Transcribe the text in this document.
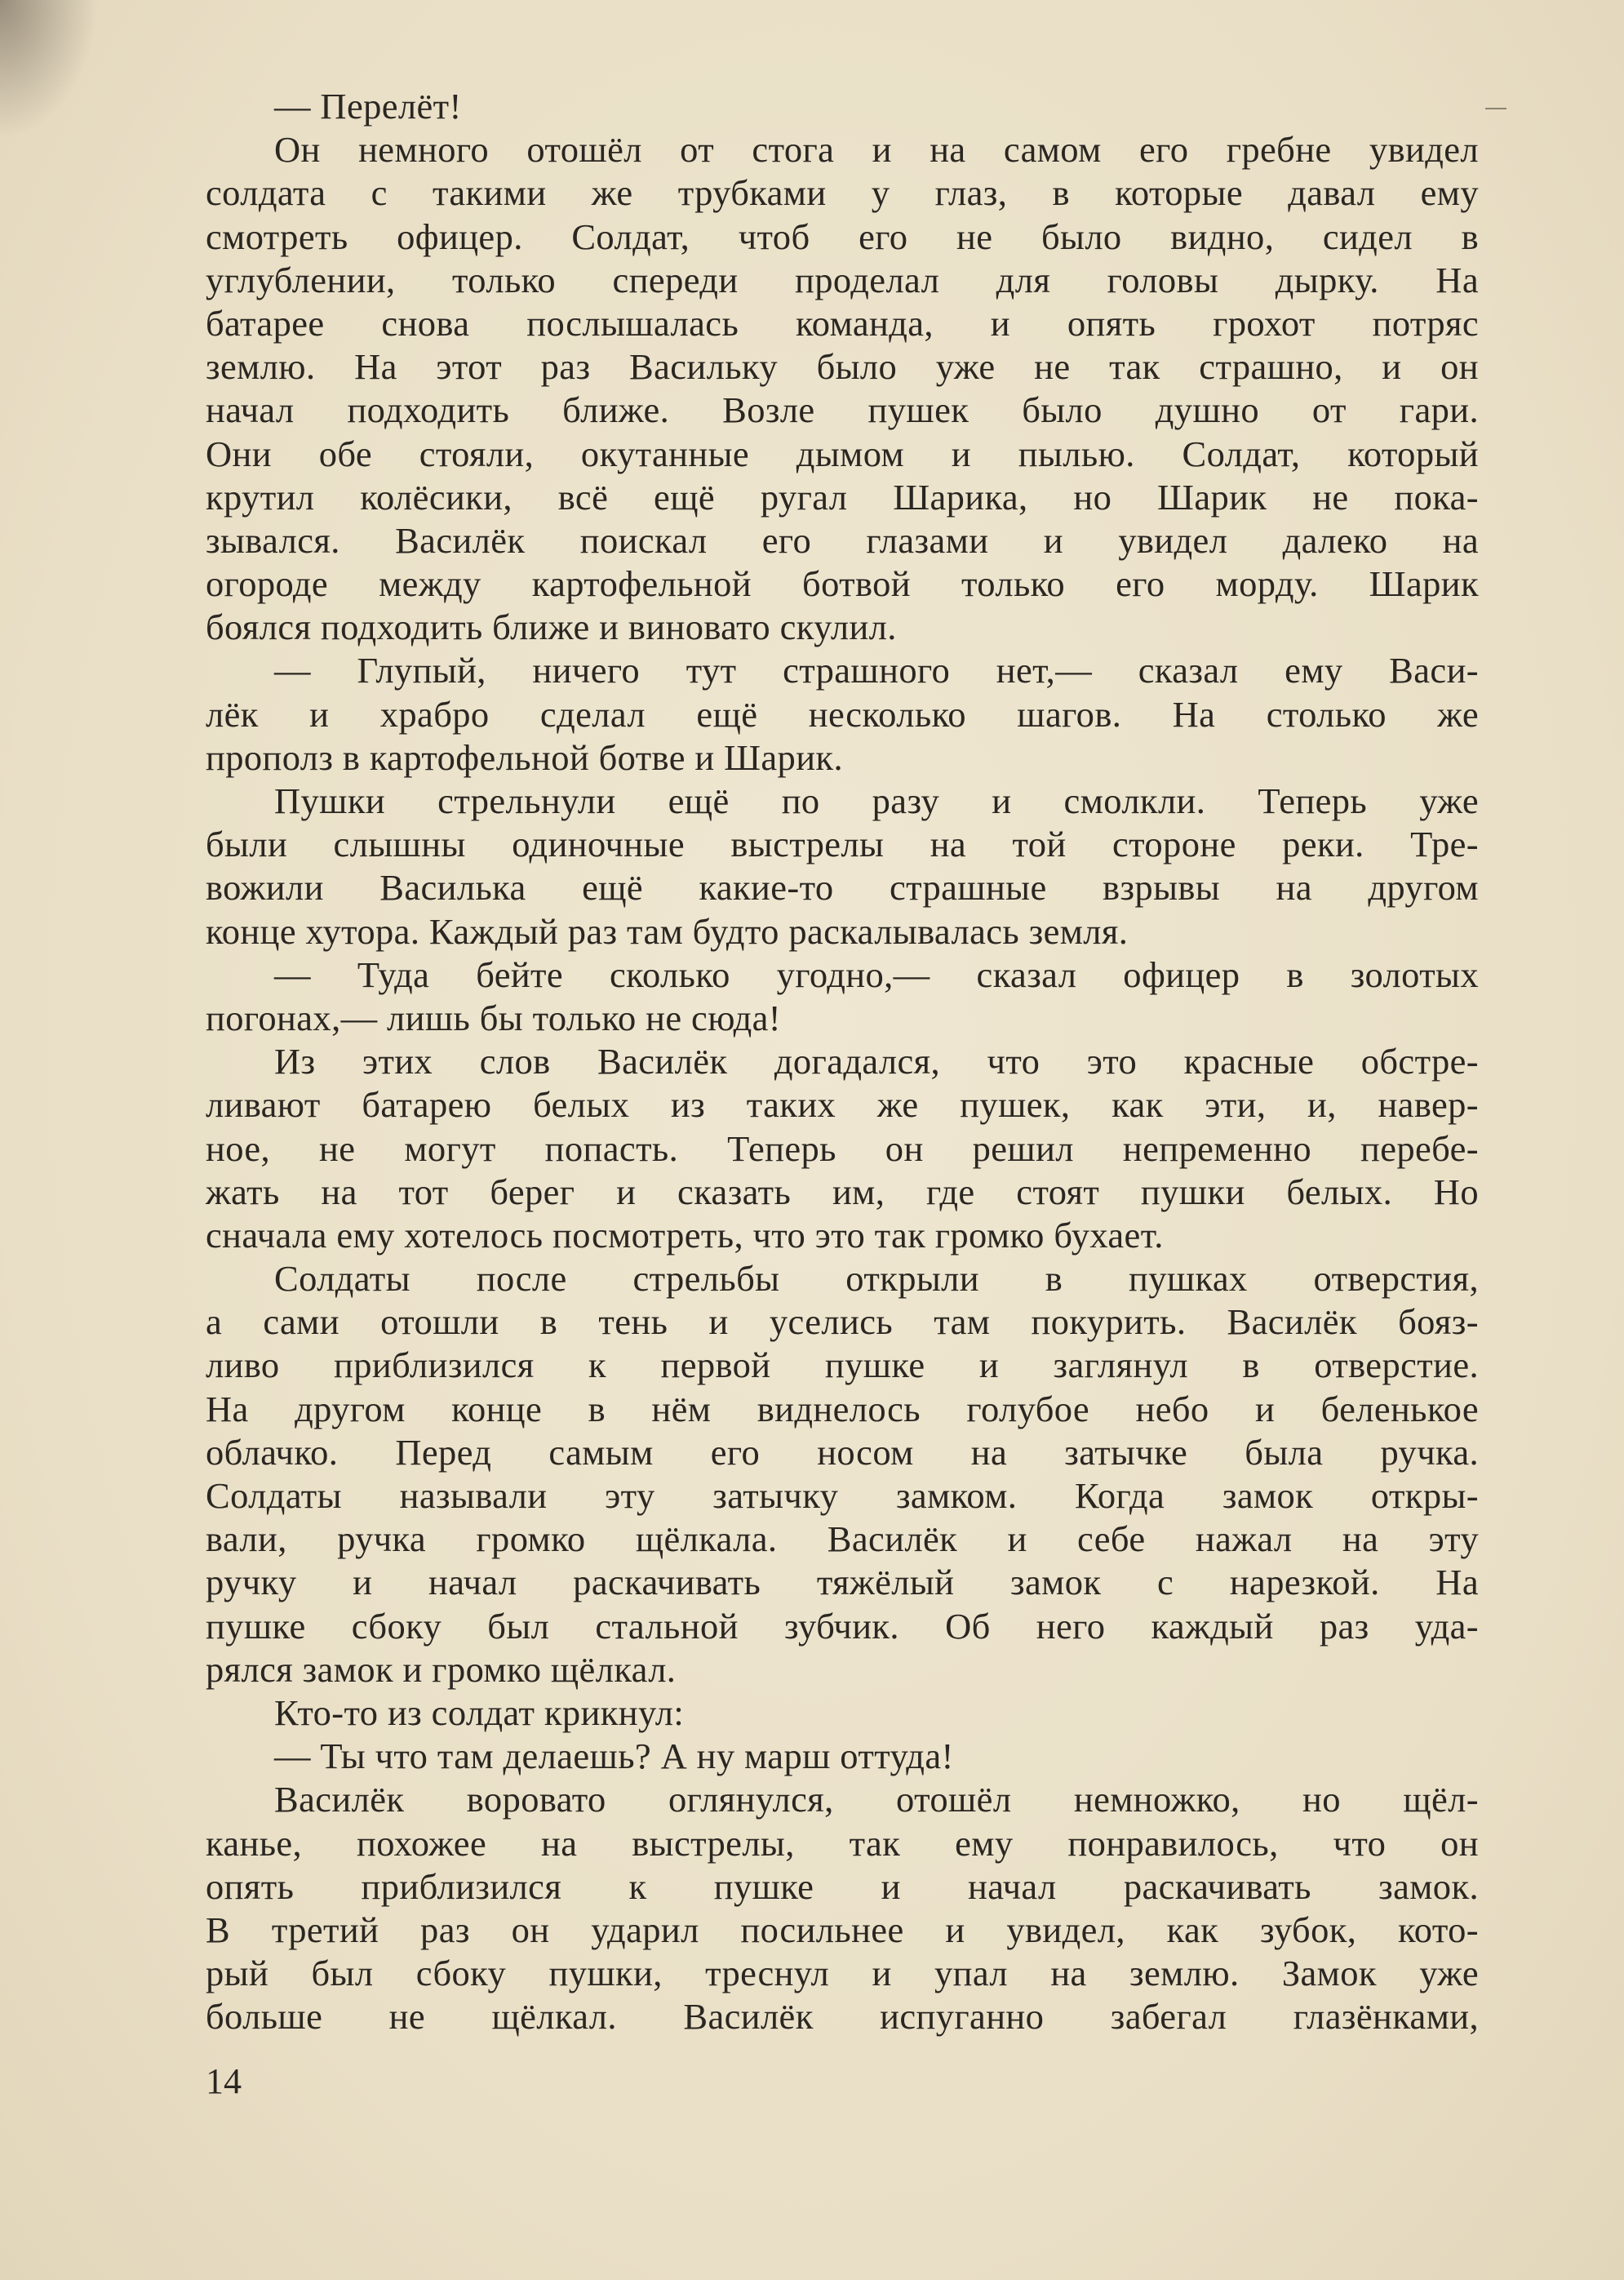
— Перелёт!
Он немного отошёл от стога и на самом его гребне увидел
солдата с такими же трубками у глаз, в которые давал ему
смотреть офицер. Солдат, чтоб его не было видно, сидел в
углублении, только спереди проделал для головы дырку. На
батарее снова послышалась команда, и опять грохот потряс
землю. На этот раз Васильку было уже не так страшно, и он
начал подходить ближе. Возле пушек было душно от гари.
Они обе стояли, окутанные дымом и пылью. Солдат, который
крутил колёсики, всё ещё ругал Шарика, но Шарик не пока-
зывался. Василёк поискал его глазами и увидел далеко на
огороде между картофельной ботвой только его морду. Шарик
боялся подходить ближе и виновато скулил.
— Глупый, ничего тут страшного нет,— сказал ему Васи-
лёк и храбро сделал ещё несколько шагов. На столько же
прополз в картофельной ботве и Шарик.
Пушки стрельнули ещё по разу и смолкли. Теперь уже
были слышны одиночные выстрелы на той стороне реки. Тре-
вожили Василька ещё какие-то страшные взрывы на другом
конце хутора. Каждый раз там будто раскалывалась земля.
— Туда бейте сколько угодно,— сказал офицер в золотых
погонах,— лишь бы только не сюда!
Из этих слов Василёк догадался, что это красные обстре-
ливают батарею белых из таких же пушек, как эти, и, навер-
ное, не могут попасть. Теперь он решил непременно перебе-
жать на тот берег и сказать им, где стоят пушки белых. Но
сначала ему хотелось посмотреть, что это так громко бухает.
Солдаты после стрельбы открыли в пушках отверстия,
а сами отошли в тень и уселись там покурить. Василёк бояз-
ливо приблизился к первой пушке и заглянул в отверстие.
На другом конце в нём виднелось голубое небо и беленькое
облачко. Перед самым его носом на затычке была ручка.
Солдаты называли эту затычку замком. Когда замок откры-
вали, ручка громко щёлкала. Василёк и себе нажал на эту
ручку и начал раскачивать тяжёлый замок с нарезкой. На
пушке сбоку был стальной зубчик. Об него каждый раз уда-
рялся замок и громко щёлкал.
Кто-то из солдат крикнул:
— Ты что там делаешь? А ну марш оттуда!
Василёк воровато оглянулся, отошёл немножко, но щёл-
канье, похожее на выстрелы, так ему понравилось, что он
опять приблизился к пушке и начал раскачивать замок.
В третий раз он ударил посильнее и увидел, как зубок, кото-
рый был сбоку пушки, треснул и упал на землю. Замок уже
больше не щёлкал. Василёк испуганно забегал глазёнками,
14
